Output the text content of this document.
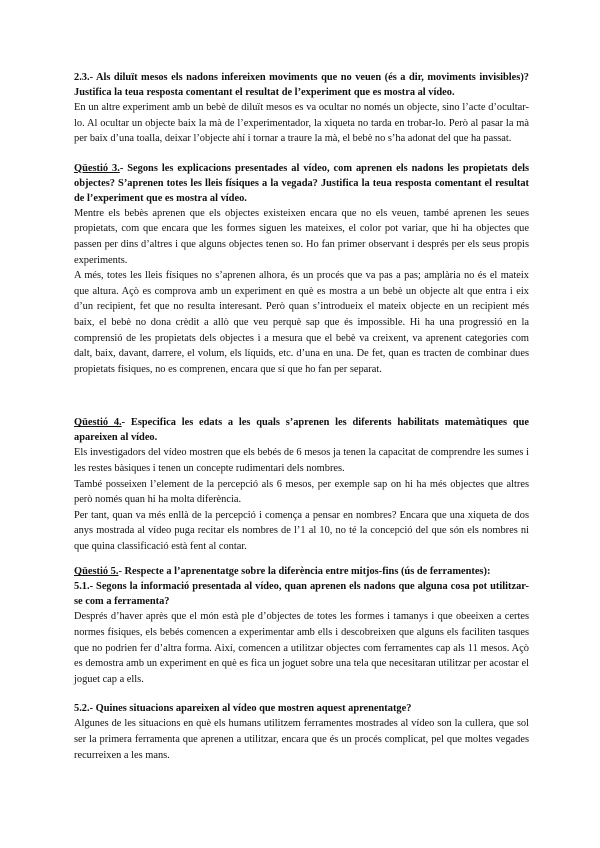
2.3.- Als diluït mesos els nadons infereixen moviments que no veuen (és a dir, moviments invisibles)? Justifica la teua resposta comentant el resultat de l’experiment que es mostra al vídeo.

En un altre experiment amb un bebè de diluït mesos es va ocultar no només un objecte, sino l’acte d’ocultar-lo. Al ocultar un objecte baix la mà de l’experimentador, la xiqueta no tarda en trobar-lo. Però al pasar la mà per baix d’una toalla, deixar l’objecte ahí i tornar a traure la mà, el bebè no s’ha adonat del que ha passat.

Qüestió 3.- Segons les explicacions presentades al vídeo, com aprenen els nadons les propietats dels objectes? S’aprenen totes les lleis físiques a la vegada? Justifica la teua resposta comentant el resultat de l’experiment que es mostra al vídeo.

Mentre els bebès aprenen que els objectes existeixen encara que no els veuen, també aprenen les seues propietats, com que encara que les formes siguen les mateixes, el color pot variar, que hi ha objectes que passen per dins d’altres i que alguns objectes tenen so. Ho fan primer observant i després per els seus propis experiments.

A més, totes les lleis físiques no s’aprenen alhora, és un procés que va pas a pas; amplària no és el mateix que altura. Açò es comprova amb un experiment en què es mostra a un bebè un objecte alt que entra i eix d’un recipient, fet que no resulta interesant. Però quan s’introdueix el mateix objecte en un recipient més baix, el bebè no dona crèdit a allò que veu perquè sap que és impossible. Hi ha una progressió en la comprensió de les propietats dels objectes i a mesura que el bebè va creixent, va aprenent categories com dalt, baix, davant, darrere, el volum, els líquids, etc. d’una en una. De fet, quan es tracten de combinar dues propietats físiques, no es comprenen, encara que sí que ho fan per separat.

Qüestió 4.- Especifica les edats a les quals s’aprenen les diferents habilitats matemàtiques que apareixen al vídeo.

Els investigadors del vídeo mostren que els bebés de 6 mesos ja tenen la capacitat de comprendre les sumes i les restes bàsiques i tenen un concepte rudimentari dels nombres.

També posseixen l’element de la percepció als 6 mesos, per exemple sap on hi ha més objectes que altres però només quan hi ha molta diferència.

Per tant, quan va més enllà de la percepció i comença a pensar en nombres? Encara que una xiqueta de dos anys mostrada al vídeo puga recitar els nombres de l’1 al 10, no té la concepció del que són els nombres ni que quina classificació està fent al contar.

Qüestió 5.- Respecte a l’aprenentatge sobre la diferència entre mitjos-fins (ús de ferramentes):

5.1.- Segons la informació presentada al vídeo, quan aprenen els nadons que alguna cosa pot utilitzar-se com a ferramenta?

Després d’haver après que el món està ple d’objectes de totes les formes i tamanys i que obeeixen a certes normes físiques, els bebés comencen a experimentar amb ells i descobreixen que alguns els faciliten tasques que no podrien fer d’altra forma. Així, comencen a utilitzar objectes com ferramentes cap als 11 mesos. Açò es demostra amb un experiment en què es fica un joguet sobre una tela que necesitaran utilitzar per acostar el joguet cap a ells.

5.2.- Quines situacions apareixen al vídeo que mostren aquest aprenentatge?

Algunes de les situacions en què els humans utilitzem ferramentes mostrades al vídeo son la cullera, que sol ser la primera ferramenta que aprenen a utilitzar, encara que és un procés complicat, pel que moltes vegades recurreixen a les mans.
